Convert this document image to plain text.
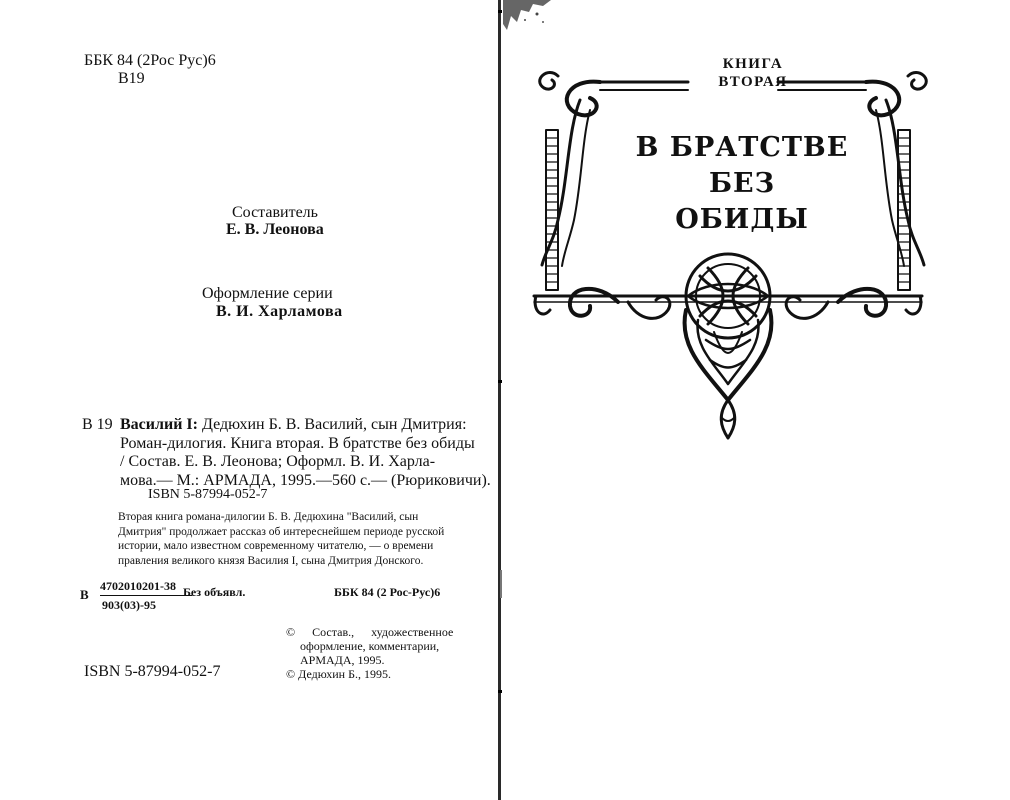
ББК 84 (2Рос Рус)6
В19
Составитель
Е. В. Леонова
Оформление серии
В. И. Харламова
В 19 Василий I: Дедюхин Б. В. Василий, сын Дмитрия:
Роман-дилогия. Книга вторая. В братстве без обиды
/ Состав. Е. В. Леонова; Оформл. В. И. Харла-
мова.— М.: АРМАДА, 1995.—560 с.— (Рюриковичи).
ISBN 5-87994-052-7
Вторая книга романа-дилогии Б. В. Дедюхина "Василий, сын
Дмитрия" продолжает рассказ об интереснейшем периоде русской
истории, мало известном современному читателю, — о времени
правления великого князя Василия I, сына Дмитрия Донского.
В
4702010201-38
903(03)-95
Без объявл.	ББК 84 (2 Рос-Рус)6
© Состав., художественное
оформление, комментарии,
АРМАДА, 1995.
© Дедюхин Б., 1995.
ISBN 5-87994-052-7
КНИГА
ВТОРАЯ
В БРАТСТВЕ
БЕЗ
ОБИДЫ
